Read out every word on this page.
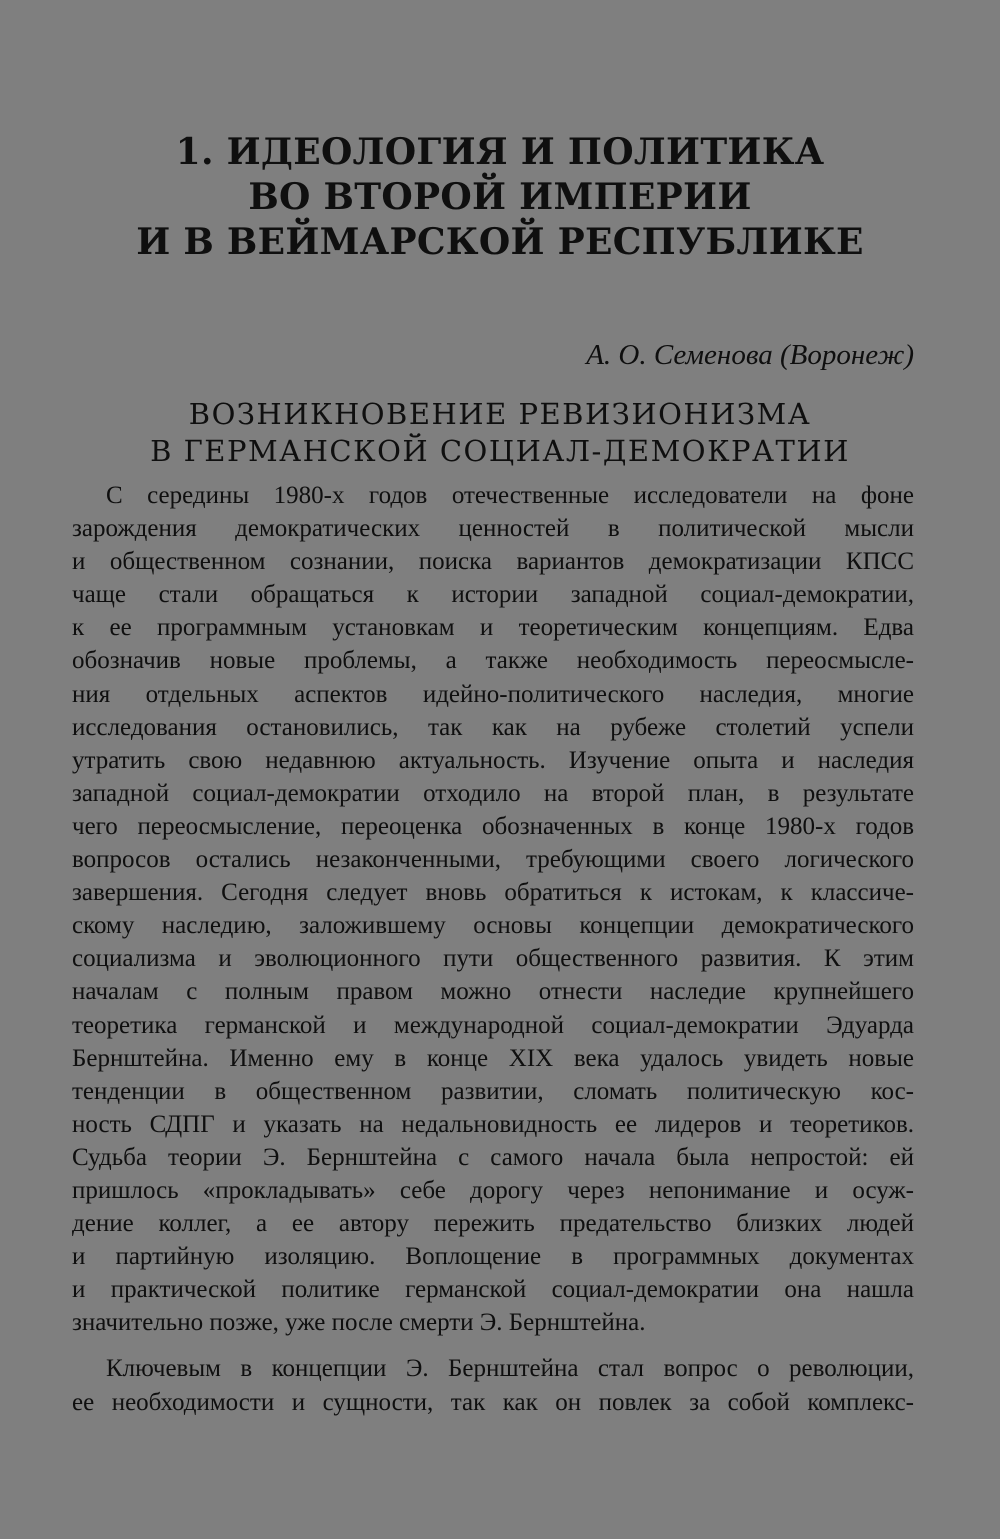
1. ИДЕОЛОГИЯ И ПОЛИТИКА
ВО ВТОРОЙ ИМПЕРИИ
И В ВЕЙМАРСКОЙ РЕСПУБЛИКЕ
А. О. Семенова (Воронеж)
ВОЗНИКНОВЕНИЕ РЕВИЗИОНИЗМА
В ГЕРМАНСКОЙ СОЦИАЛ-ДЕМОКРАТИИ
С середины 1980-х годов отечественные исследователи на фоне
зарождения демократических ценностей в политической мысли
и общественном сознании, поиска вариантов демократизации КПСС
чаще стали обращаться к истории западной социал-демократии,
к ее программным установкам и теоретическим концепциям. Едва
обозначив новые проблемы, а также необходимость переосмысле-
ния отдельных аспектов идейно-политического наследия, многие
исследования остановились, так как на рубеже столетий успели
утратить свою недавнюю актуальность. Изучение опыта и наследия
западной социал-демократии отходило на второй план, в результате
чего переосмысление, переоценка обозначенных в конце 1980-х годов
вопросов остались незаконченными, требующими своего логического
завершения. Сегодня следует вновь обратиться к истокам, к классиче-
скому наследию, заложившему основы концепции демократического
социализма и эволюционного пути общественного развития. К этим
началам с полным правом можно отнести наследие крупнейшего
теоретика германской и международной социал-демократии Эдуарда
Бернштейна. Именно ему в конце XIX века удалось увидеть новые
тенденции в общественном развитии, сломать политическую кос-
ность СДПГ и указать на недальновидность ее лидеров и теоретиков.
Судьба теории Э. Бернштейна с самого начала была непростой: ей
пришлось «прокладывать» себе дорогу через непонимание и осуж-
дение коллег, а ее автору пережить предательство близких людей
и партийную изоляцию. Воплощение в программных документах
и практической политике германской социал-демократии она нашла
значительно позже, уже после смерти Э. Бернштейна.
Ключевым в концепции Э. Бернштейна стал вопрос о революции,
ее необходимости и сущности, так как он повлек за собой комплекс-
